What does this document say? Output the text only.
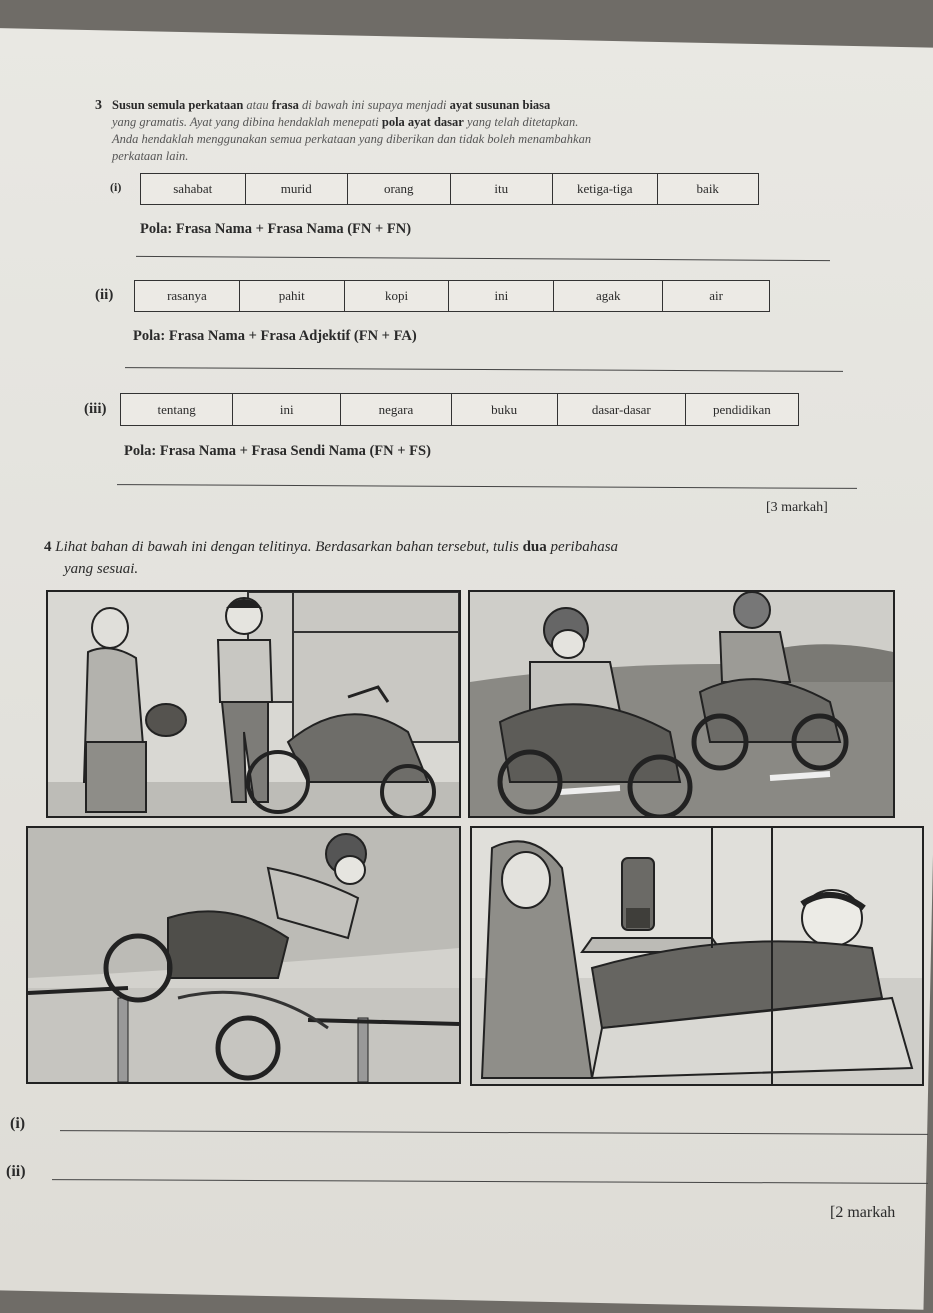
3 Susun semula perkataan atau frasa di bawah ini supaya menjadi ayat susunan biasa
yang gramatis. Ayat yang dibina hendaklah menepati pola ayat dasar yang telah ditetapkan.
Anda hendaklah menggunakan semua perkataan yang diberikan dan tidak boleh menambahkan
perkataan lain.
(i)	sahabat	murid	orang	itu	ketiga-tiga	baik
Pola: Frasa Nama + Frasa Nama (FN + FN)
(ii)	rasanya	pahit	kopi	ini	agak	air
Pola: Frasa Nama + Frasa Adjektif (FN + FA)
(iii)	tentang	ini	negara	buku	dasar-dasar	pendidikan
Pola: Frasa Nama + Frasa Sendi Nama (FN + FS)
[3 markah]
4 Lihat bahan di bawah ini dengan telitinya. Berdasarkan bahan tersebut, tulis dua peribahasa
yang sesuai.
(i)
(ii)
[2 markah
